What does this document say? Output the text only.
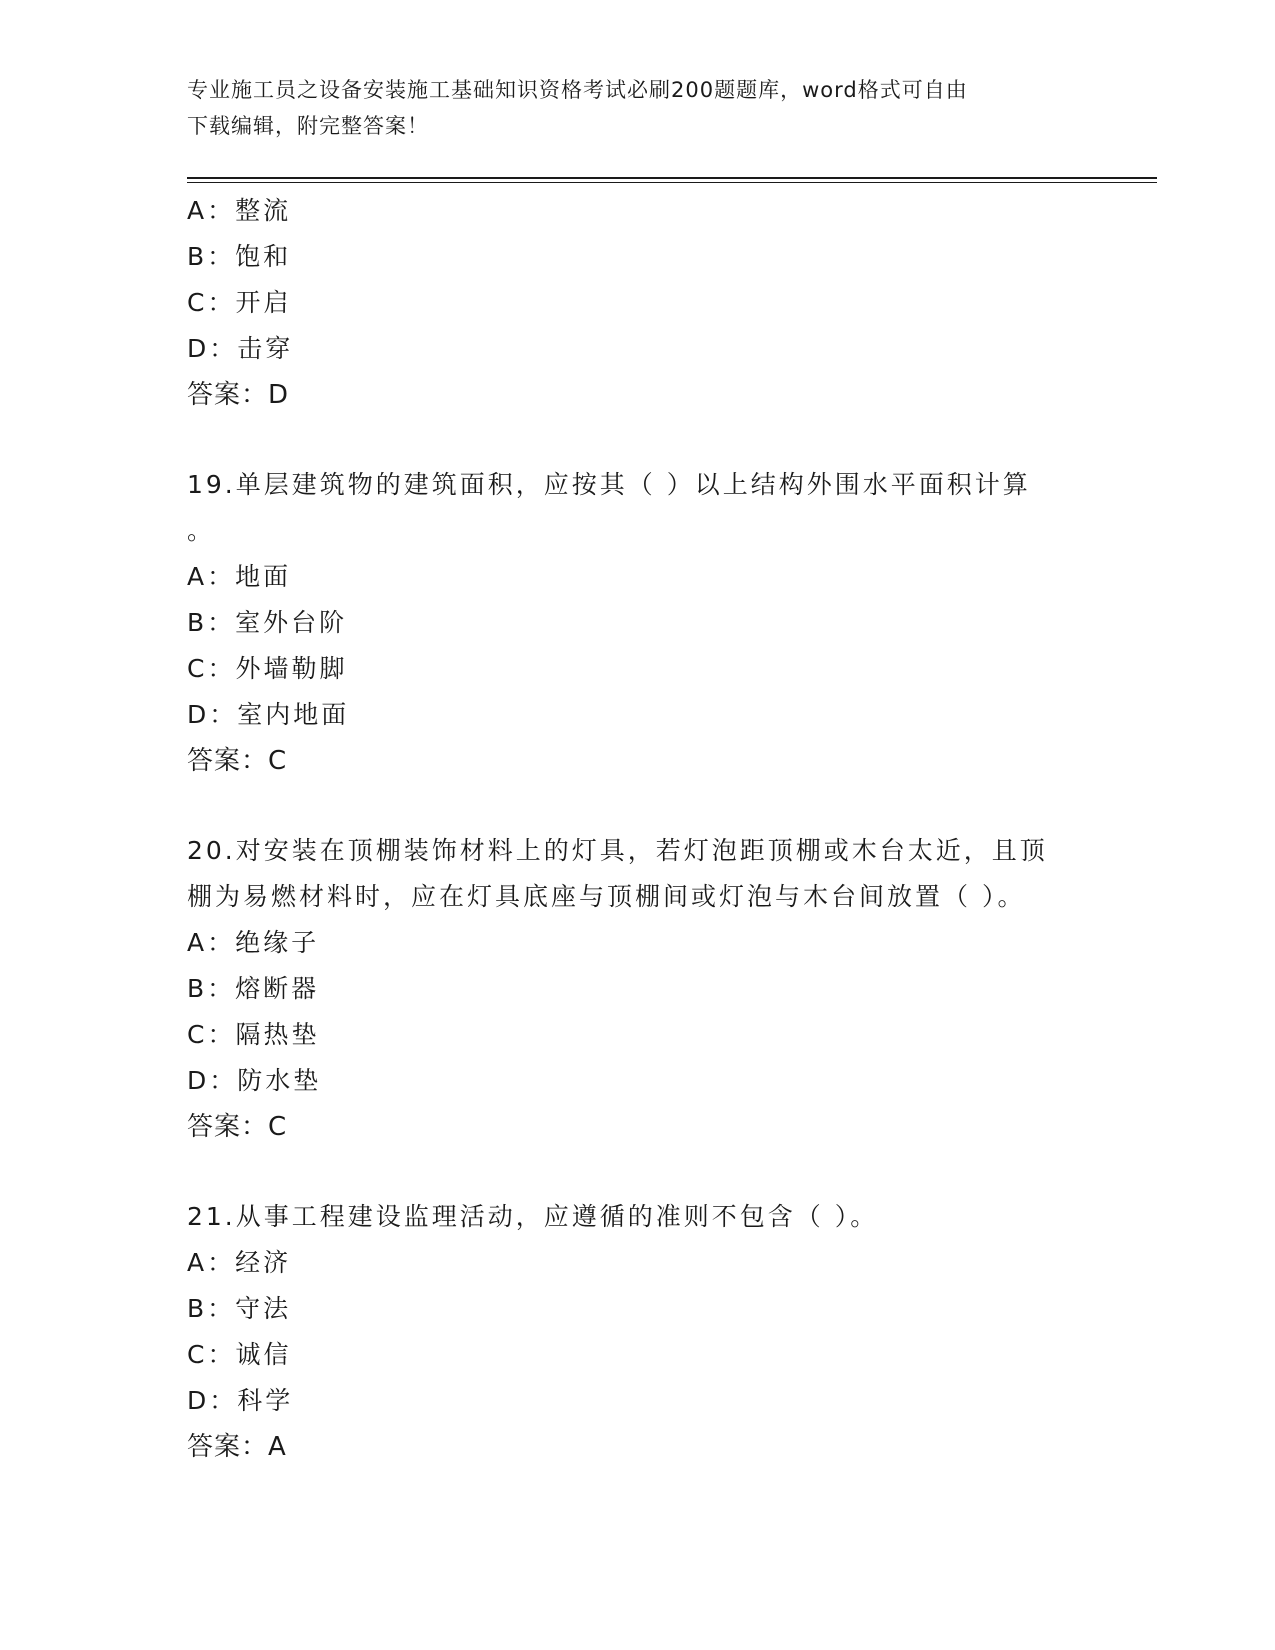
专业施工员之设备安装施工基础知识资格考试必刷200题题库，word格式可自由
下载编辑，附完整答案！
A：整流
B：饱和
C：开启
D：击穿
答案：D
19.单层建筑物的建筑面积，应按其（ ）以上结构外围水平面积计算
。
A：地面
B：室外台阶
C：外墙勒脚
D：室内地面
答案：C
20.对安装在顶棚装饰材料上的灯具，若灯泡距顶棚或木台太近，且顶
棚为易燃材料时，应在灯具底座与顶棚间或灯泡与木台间放置（ ）。
A：绝缘子
B：熔断器
C：隔热垫
D：防水垫
答案：C
21.从事工程建设监理活动，应遵循的准则不包含（ ）。
A：经济
B：守法
C：诚信
D：科学
答案：A
